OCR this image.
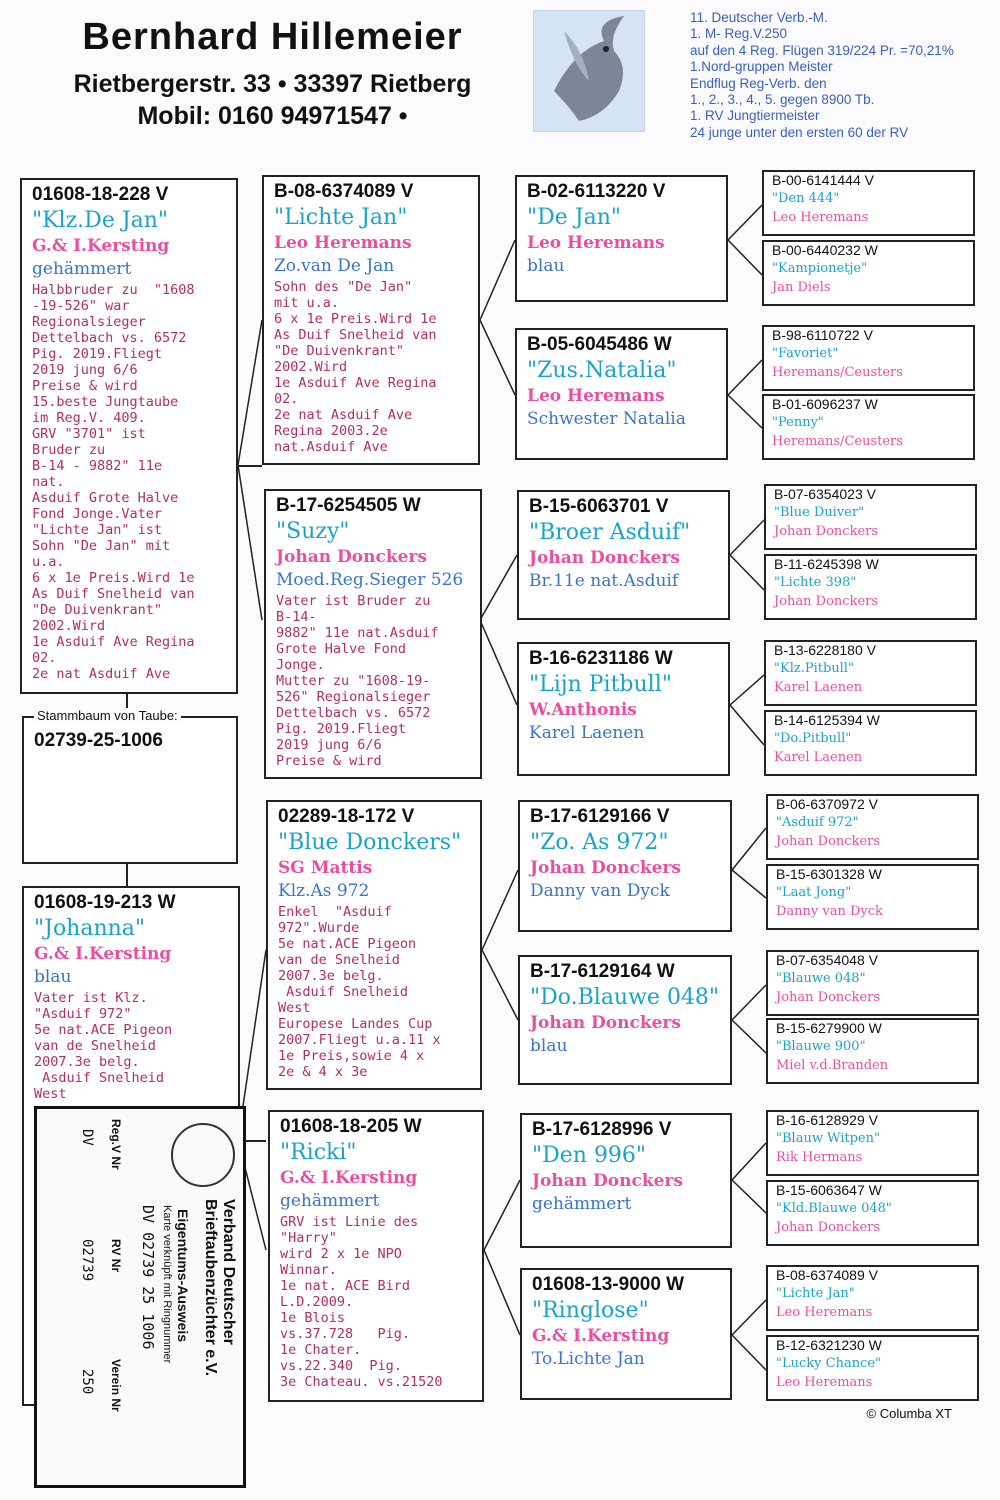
Bernhard Hillemeier
Rietbergerstr. 33 • 33397 Rietberg
Mobil: 0160 94971547 •
11. Deutscher Verb.-M.
1. M- Reg.V.250
auf den 4 Reg. Flügen 319/224 Pr. =70,21%
1.Nord-gruppen Meister
Endflug Reg-Verb. den
1., 2., 3., 4., 5. gegen 8900 Tb.
1. RV Jungtiermeister
24 junge unter den ersten 60 der RV
01608-18-228 V
"Klz.De Jan"
G.& I.Kersting
gehämmert
Halbbruder zu  "1608
-19-526" war
Regionalsieger
Dettelbach vs. 6572
Pig. 2019.Fliegt
2019 jung 6/6
Preise & wird
15.beste Jungtaube
im Reg.V. 409.
GRV "3701" ist
Bruder zu
B-14 - 9882" 11e
nat.
Asduif Grote Halve
Fond Jonge.Vater
"Lichte Jan" ist
Sohn "De Jan" mit
u.a.
6 x 1e Preis.Wird 1e
As Duif Snelheid van
"De Duivenkrant"
2002.Wird
1e Asduif Ave Regina
02.
2e nat Asduif Ave
Stammbaum von Taube:
02739-25-1006
01608-19-213 W
"Johanna"
G.& I.Kersting
blau
Vater ist Klz.
"Asduif 972"
5e nat.ACE Pigeon
van de Snelheid
2007.3e belg.
Asduif Snelheid
West
B-08-6374089 V
"Lichte Jan"
Leo Heremans
Zo.van De Jan
Sohn des "De Jan"
mit u.a.
6 x 1e Preis.Wird 1e
As Duif Snelheid van
"De Duivenkrant"
2002.Wird
1e Asduif Ave Regina
02.
2e nat Asduif Ave
Regina 2003.2e
nat.Asduif Ave
B-17-6254505 W
"Suzy"
Johan Donckers
Moed.Reg.Sieger 526
Vater ist Bruder zu
B-14-
9882" 11e nat.Asduif
Grote Halve Fond
Jonge.
Mutter zu "1608-19-
526" Regionalsieger
Dettelbach vs. 6572
Pig. 2019.Fliegt
2019 jung 6/6
Preise & wird
02289-18-172 V
"Blue Donckers"
SG Mattis
Klz.As 972
Enkel  "Asduif
972".Wurde
5e nat.ACE Pigeon
van de Snelheid
2007.3e belg.
Asduif Snelheid
West
Europese Landes Cup
2007.Fliegt u.a.11 x
1e Preis,sowie 4 x
2e & 4 x 3e
01608-18-205 W
"Ricki"
G.& I.Kersting
gehämmert
GRV ist Linie des
"Harry"
wird 2 x 1e NPO
Winnar.
1e nat. ACE Bird
L.D.2009.
1e Blois
vs.37.728   Pig.
1e Chater.
vs.22.340  Pig.
3e Chateau. vs.21520
B-02-6113220 V
"De Jan"
Leo Heremans
blau
B-05-6045486 W
"Zus.Natalia"
Leo Heremans
Schwester Natalia
B-15-6063701 V
"Broer Asduif"
Johan Donckers
Br.11e nat.Asduif
B-16-6231186 W
"Lijn Pitbull"
W.Anthonis
Karel Laenen
B-17-6129166 V
"Zo. As 972"
Johan Donckers
Danny van Dyck
B-17-6129164 W
"Do.Blauwe 048"
Johan Donckers
blau
B-17-6128996 V
"Den 996"
Johan Donckers
gehämmert
01608-13-9000 W
"Ringlose"
G.& I.Kersting
To.Lichte Jan
B-00-6141444 V
"Den 444"
Leo Heremans
B-00-6440232 W
"Kampionetje"
Jan Diels
B-98-6110722 V
"Favoriet"
Heremans/Ceusters
B-01-6096237 W
"Penny"
Heremans/Ceusters
B-07-6354023 V
"Blue Duiver"
Johan Donckers
B-11-6245398 W
"Lichte 398"
Johan Donckers
B-13-6228180 V
"Klz.Pitbull"
Karel Laenen
B-14-6125394 W
"Do.Pitbull"
Karel Laenen
B-06-6370972 V
"Asduif 972"
Johan Donckers
B-15-6301328 W
"Laat Jong"
Danny van Dyck
B-07-6354048 V
"Blauwe 048"
Johan Donckers
B-15-6279900 W
"Blauwe 900"
Miel v.d.Branden
B-16-6128929 V
"Blauw Witpen"
Rik Hermans
B-15-6063647 W
"Kld.Blauwe 048"
Johan Donckers
B-08-6374089 V
"Lichte Jan"
Leo Heremans
B-12-6321230 W
"Lucky Chance"
Leo Heremans
Verband Deutscher
Brieftaubenzüchter e.V.
Eigentums-Ausweis
Karte verknüpft mit Ringnummer
DV 02739 25 1006
Reg.V Nr
RV Nr
Verein Nr
DV
02739
250
© Columba XT
